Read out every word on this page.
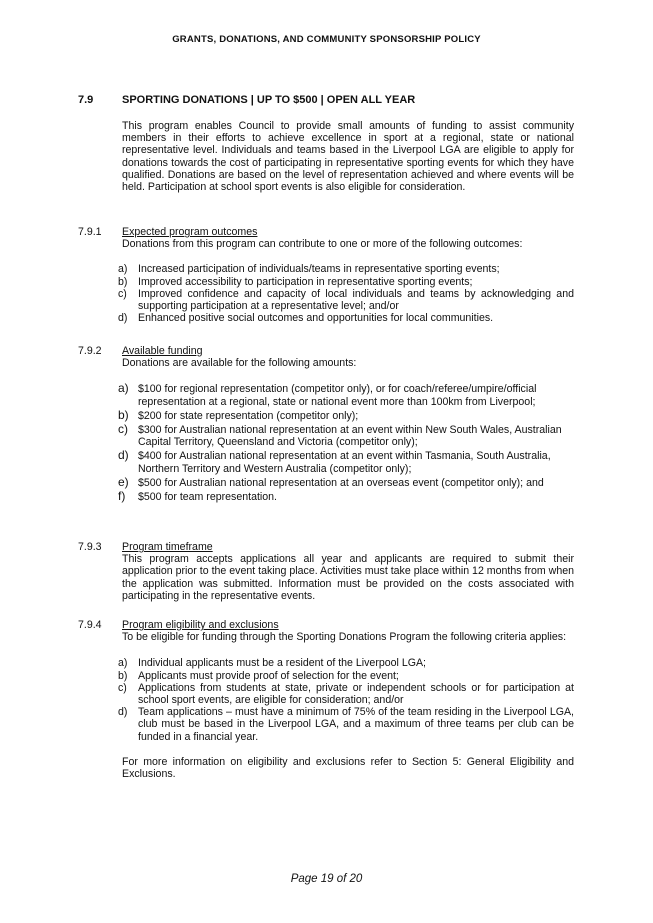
GRANTS, DONATIONS, AND COMMUNITY SPONSORSHIP POLICY
7.9	SPORTING DONATIONS | UP TO $500 | OPEN ALL YEAR
This program enables Council to provide small amounts of funding to assist community members in their efforts to achieve excellence in sport at a regional, state or national representative level. Individuals and teams based in the Liverpool LGA are eligible to apply for donations towards the cost of participating in representative sporting events for which they have qualified. Donations are based on the level of representation achieved and where events will be held. Participation at school sport events is also eligible for consideration.
7.9.1 Expected program outcomes
Donations from this program can contribute to one or more of the following outcomes:
a) Increased participation of individuals/teams in representative sporting events;
b) Improved accessibility to participation in representative sporting events;
c) Improved confidence and capacity of local individuals and teams by acknowledging and supporting participation at a representative level; and/or
d) Enhanced positive social outcomes and opportunities for local communities.
7.9.2 Available funding
Donations are available for the following amounts:
a) $100 for regional representation (competitor only), or for coach/referee/umpire/official representation at a regional, state or national event more than 100km from Liverpool;
b) $200 for state representation (competitor only);
c) $300 for Australian national representation at an event within New South Wales, Australian Capital Territory, Queensland and Victoria (competitor only);
d) $400 for Australian national representation at an event within Tasmania, South Australia, Northern Territory and Western Australia (competitor only);
e) $500 for Australian national representation at an overseas event (competitor only); and
f) $500 for team representation.
7.9.3 Program timeframe
This program accepts applications all year and applicants are required to submit their application prior to the event taking place. Activities must take place within 12 months from when the application was submitted. Information must be provided on the costs associated with participating in the representative events.
7.9.4 Program eligibility and exclusions
To be eligible for funding through the Sporting Donations Program the following criteria applies:
a) Individual applicants must be a resident of the Liverpool LGA;
b) Applicants must provide proof of selection for the event;
c) Applications from students at state, private or independent schools or for participation at school sport events, are eligible for consideration; and/or
d) Team applications – must have a minimum of 75% of the team residing in the Liverpool LGA, club must be based in the Liverpool LGA, and a maximum of three teams per club can be funded in a financial year.
For more information on eligibility and exclusions refer to Section 5: General Eligibility and Exclusions.
Page 19 of 20
